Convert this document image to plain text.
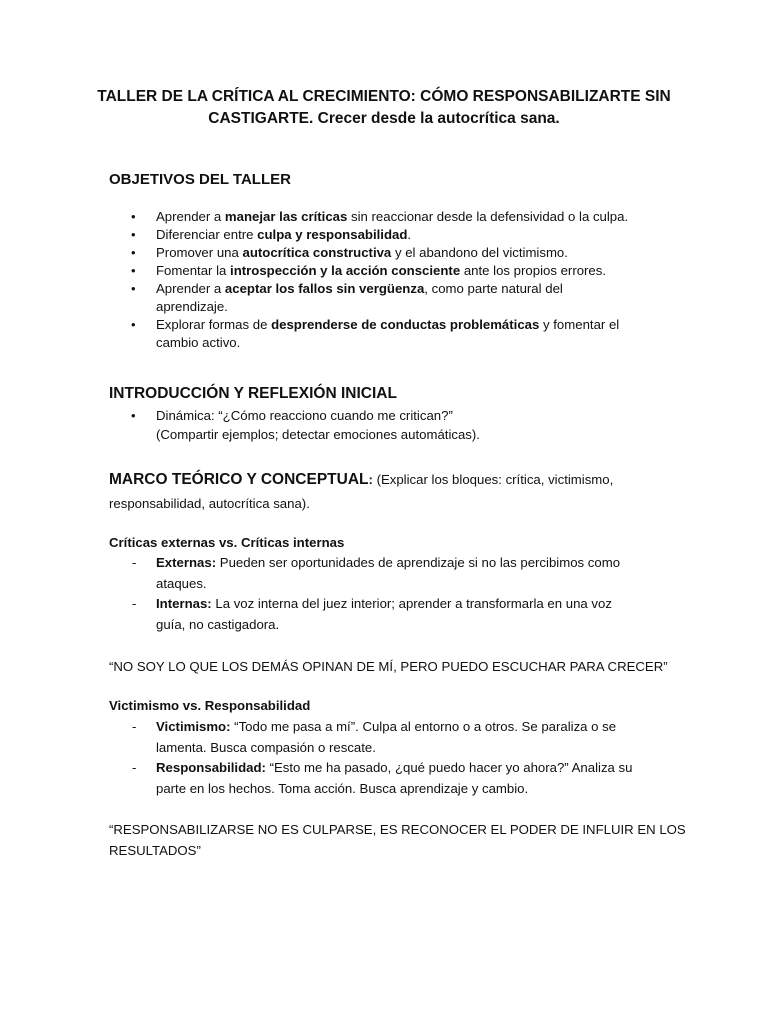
TALLER DE LA CRÍTICA AL CRECIMIENTO: CÓMO RESPONSABILIZARTE SIN
CASTIGARTE. Crecer desde la autocrítica sana.
OBJETIVOS DEL TALLER
• Aprender a manejar las críticas sin reaccionar desde la defensividad o la culpa.
• Diferenciar entre culpa y responsabilidad.
• Promover una autocrítica constructiva y el abandono del victimismo.
• Fomentar la introspección y la acción consciente ante los propios errores.
• Aprender a aceptar los fallos sin vergüenza, como parte natural del
aprendizaje.
• Explorar formas de desprenderse de conductas problemáticas y fomentar el
cambio activo.
INTRODUCCIÓN Y REFLEXIÓN INICIAL
• Dinámica: “¿Cómo reacciono cuando me critican?”
(Compartir ejemplos; detectar emociones automáticas).
MARCO TEÓRICO Y CONCEPTUAL: (Explicar los bloques: crítica, victimismo,
responsabilidad, autocrítica sana).
Críticas externas vs. Críticas internas
- Externas: Pueden ser oportunidades de aprendizaje si no las percibimos como
ataques.
- Internas: La voz interna del juez interior; aprender a transformarla en una voz
guía, no castigadora.
“NO SOY LO QUE LOS DEMÁS OPINAN DE MÍ, PERO PUEDO ESCUCHAR PARA CRECER”
Victimismo vs. Responsabilidad
- Victimismo: “Todo me pasa a mí”. Culpa al entorno o a otros. Se paraliza o se
lamenta. Busca compasión o rescate.
- Responsabilidad: “Esto me ha pasado, ¿qué puedo hacer yo ahora?” Analiza su
parte en los hechos. Toma acción. Busca aprendizaje y cambio.
“RESPONSABILIZARSE NO ES CULPARSE, ES RECONOCER EL PODER DE INFLUIR EN LOS
RESULTADOS”
